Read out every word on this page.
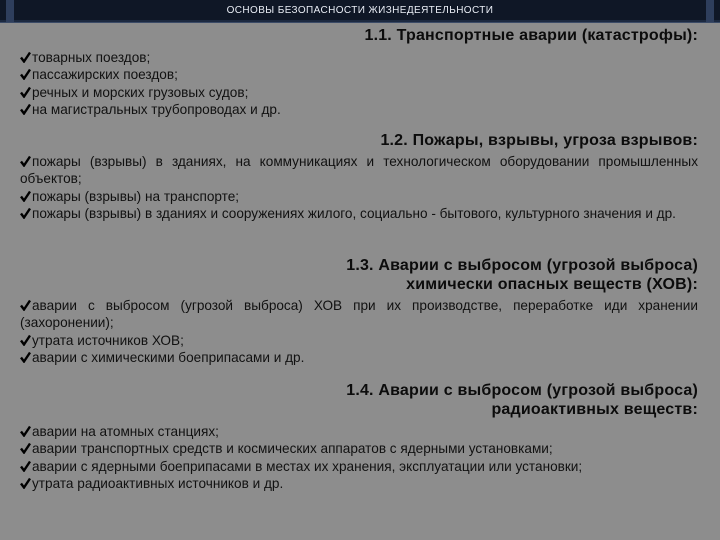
ОСНОВЫ БЕЗОПАСНОСТИ ЖИЗНЕДЕЯТЕЛЬНОСТИ

1.1. Транспортные аварии (катастрофы):

товарных поездов;
пассажирских поездов;
речных и морских грузовых судов;
на магистральных трубопроводах и др.

1.2. Пожары, взрывы, угроза взрывов:

пожары (взрывы) в зданиях, на коммуникациях и технологическом оборудовании промышленных объектов;
пожары (взрывы) на транспорте;
пожары (взрывы) в зданиях и сооружениях жилого, социально - бытового, культурного значения и др.

1.3. Аварии с выбросом (угрозой выброса)
химически опасных веществ (ХОВ):

аварии с выбросом (угрозой выброса) ХОВ при их производстве, переработке иди хранении (захоронении);
утрата источников ХОВ;
аварии с химическими боеприпасами и др.

1.4. Аварии с выбросом (угрозой выброса)
радиоактивных веществ:

аварии на атомных станциях;
аварии транспортных средств и космических аппаратов с ядерными установками;
аварии с ядерными боеприпасами в местах их хранения, эксплуатации или установки;
утрата радиоактивных источников и др.
